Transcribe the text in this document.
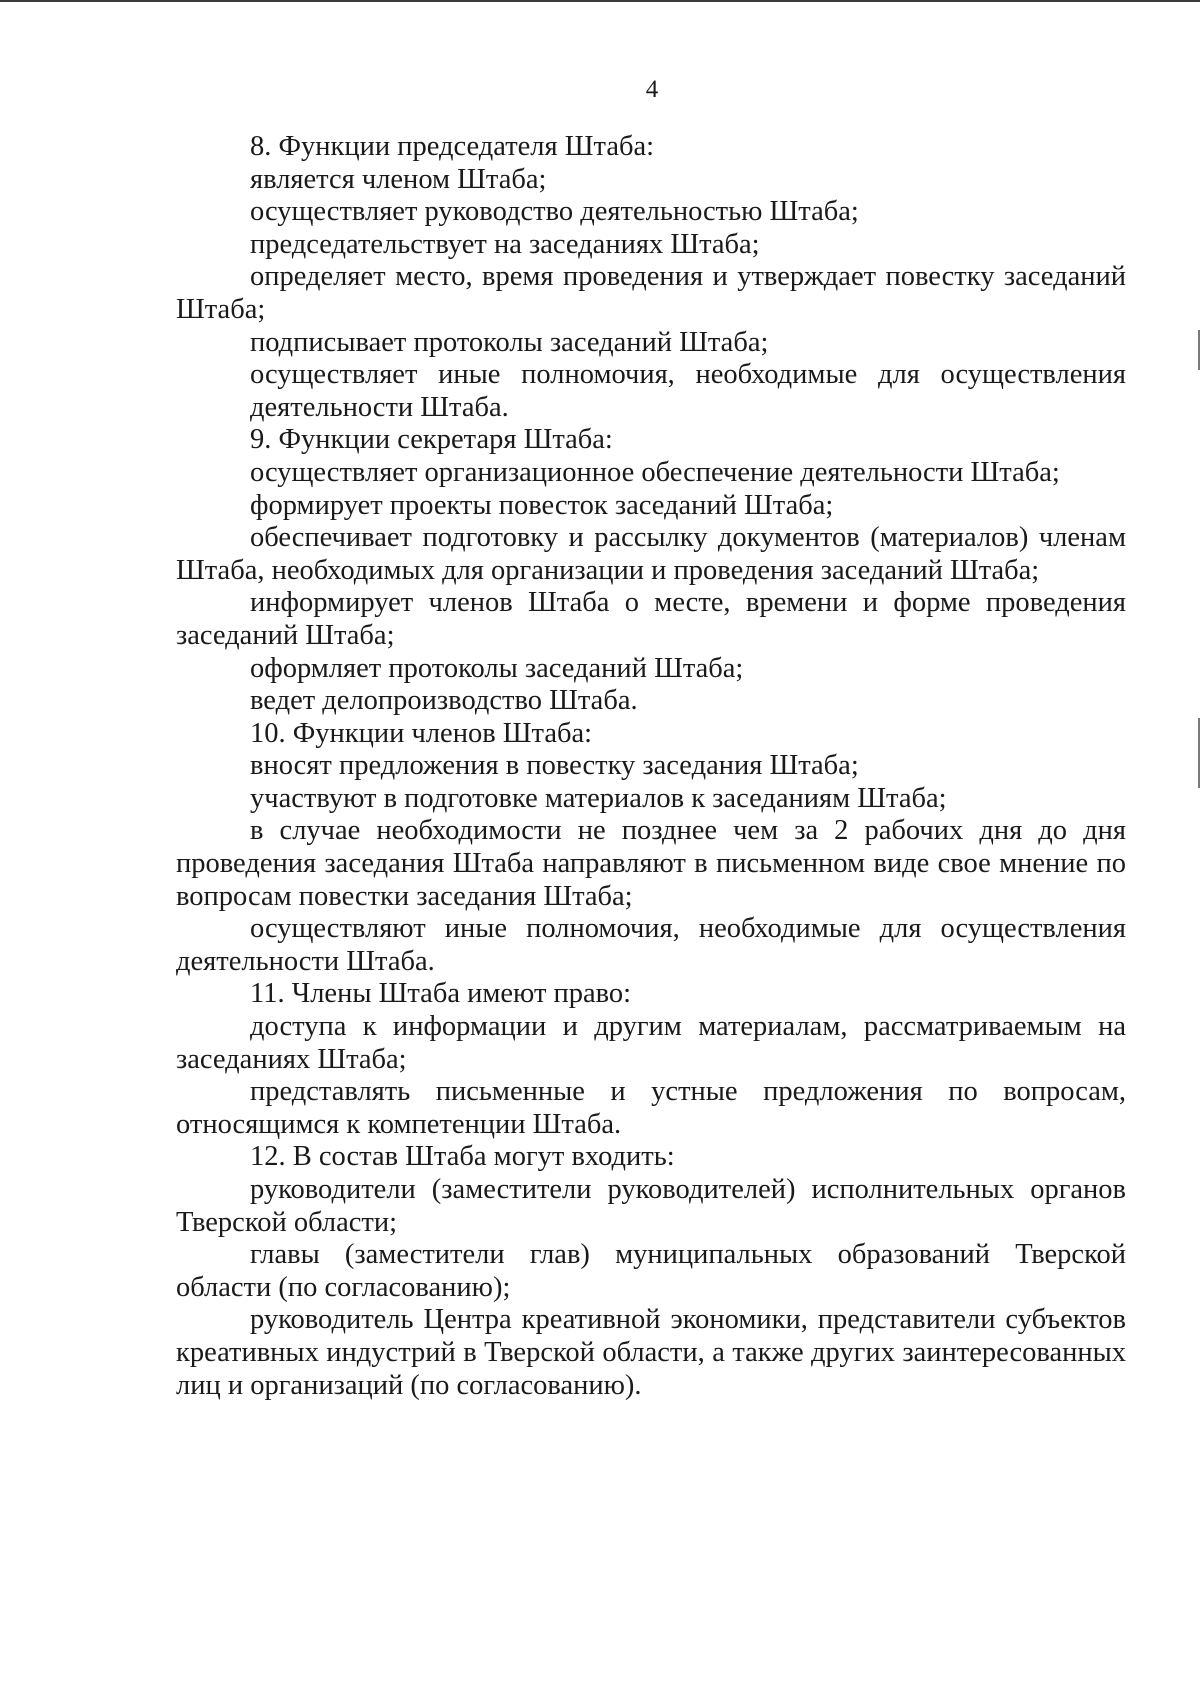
4

8. Функции председателя Штаба:

является членом Штаба;

осуществляет руководство деятельностью Штаба;

председательствует на заседаниях Штаба;

определяет место, время проведения и утверждает повестку заседаний Штаба;

подписывает протоколы заседаний Штаба;

осуществляет иные полномочия, необходимые для осуществления деятельности Штаба.

9. Функции секретаря Штаба:

осуществляет организационное обеспечение деятельности Штаба;

формирует проекты повесток заседаний Штаба;

обеспечивает подготовку и рассылку документов (материалов) членам Штаба, необходимых для организации и проведения заседаний Штаба;

информирует членов Штаба о месте, времени и форме проведения заседаний Штаба;

оформляет протоколы заседаний Штаба;

ведет делопроизводство Штаба.

10. Функции членов Штаба:

вносят предложения в повестку заседания Штаба;

участвуют в подготовке материалов к заседаниям Штаба;

в случае необходимости не позднее чем за 2 рабочих дня до дня проведения заседания Штаба направляют в письменном виде свое мнение по вопросам повестки заседания Штаба;

осуществляют иные полномочия, необходимые для осуществления деятельности Штаба.

11. Члены Штаба имеют право:

доступа к информации и другим материалам, рассматриваемым на заседаниях Штаба;

представлять письменные и устные предложения по вопросам, относящимся к компетенции Штаба.

12. В состав Штаба могут входить:

руководители (заместители руководителей) исполнительных органов Тверской области;

главы (заместители глав) муниципальных образований Тверской области (по согласованию);

руководитель Центра креативной экономики, представители субъектов креативных индустрий в Тверской области, а также других заинтересованных лиц и организаций (по согласованию).
